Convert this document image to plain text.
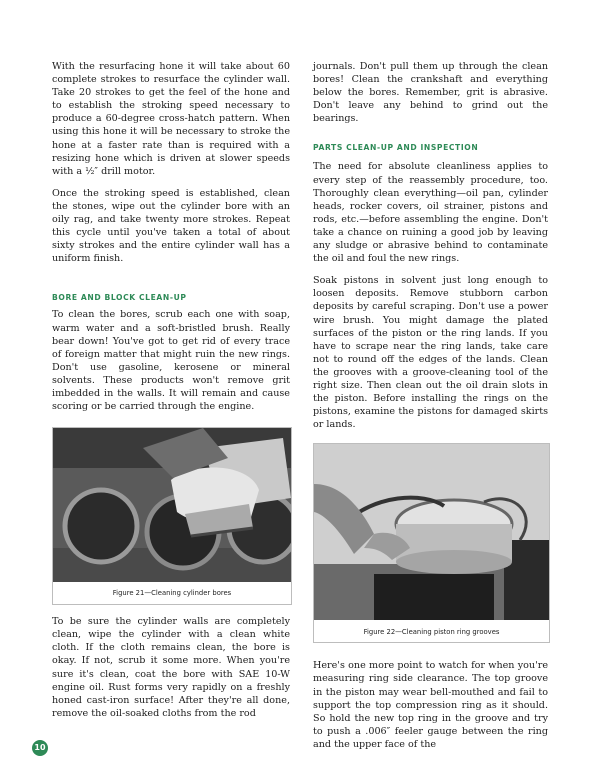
With the resurfacing hone it will take about 60 complete strokes to resurface the cylinder wall. Take 20 strokes to get the feel of the hone and to establish the stroking speed necessary to produce a 60-degree cross-hatch pattern. When using this hone it will be necessary to stroke the hone at a faster rate than is required with a resizing hone which is driven at slower speeds with a ½″ drill motor.

Once the stroking speed is established, clean the stones, wipe out the cylinder bore with an oily rag, and take twenty more strokes. Repeat this cycle until you've taken a total of about sixty strokes and the entire cylinder wall has a uniform finish.

BORE AND BLOCK CLEAN-UP

To clean the bores, scrub each one with soap, warm water and a soft-bristled brush. Really bear down! You've got to get rid of every trace of foreign matter that might ruin the new rings. Don't use gasoline, kerosene or mineral solvents. These products won't remove grit imbedded in the walls. It will remain and cause scoring or be carried through the engine.

Figure 21—Cleaning cylinder bores

To be sure the cylinder walls are completely clean, wipe the cylinder with a clean white cloth. If the cloth remains clean, the bore is okay. If not, scrub it some more. When you're sure it's clean, coat the bore with SAE 10-W engine oil. Rust forms very rapidly on a freshly honed cast-iron surface! After they're all done, remove the oil-soaked cloths from the rod

journals. Don't pull them up through the clean bores! Clean the crankshaft and everything below the bores. Remember, grit is abrasive. Don't leave any behind to grind out the bearings.

PARTS CLEAN-UP AND INSPECTION

The need for absolute cleanliness applies to every step of the reassembly procedure, too. Thoroughly clean everything—oil pan, cylinder heads, rocker covers, oil strainer, pistons and rods, etc.—before assembling the engine. Don't take a chance on ruining a good job by leaving any sludge or abrasive behind to contaminate the oil and foul the new rings.

Soak pistons in solvent just long enough to loosen deposits. Remove stubborn carbon deposits by careful scraping. Don't use a power wire brush. You might damage the plated surfaces of the piston or the ring lands. If you have to scrape near the ring lands, take care not to round off the edges of the lands. Clean the grooves with a groove-cleaning tool of the right size. Then clean out the oil drain slots in the piston. Before installing the rings on the pistons, examine the pistons for damaged skirts or lands.

Figure 22—Cleaning piston ring grooves

Here's one more point to watch for when you're measuring ring side clearance. The top groove in the piston may wear bell-mouthed and fail to support the top compression ring as it should. So hold the new top ring in the groove and try to push a .006″ feeler gauge between the ring and the upper face of the

10
